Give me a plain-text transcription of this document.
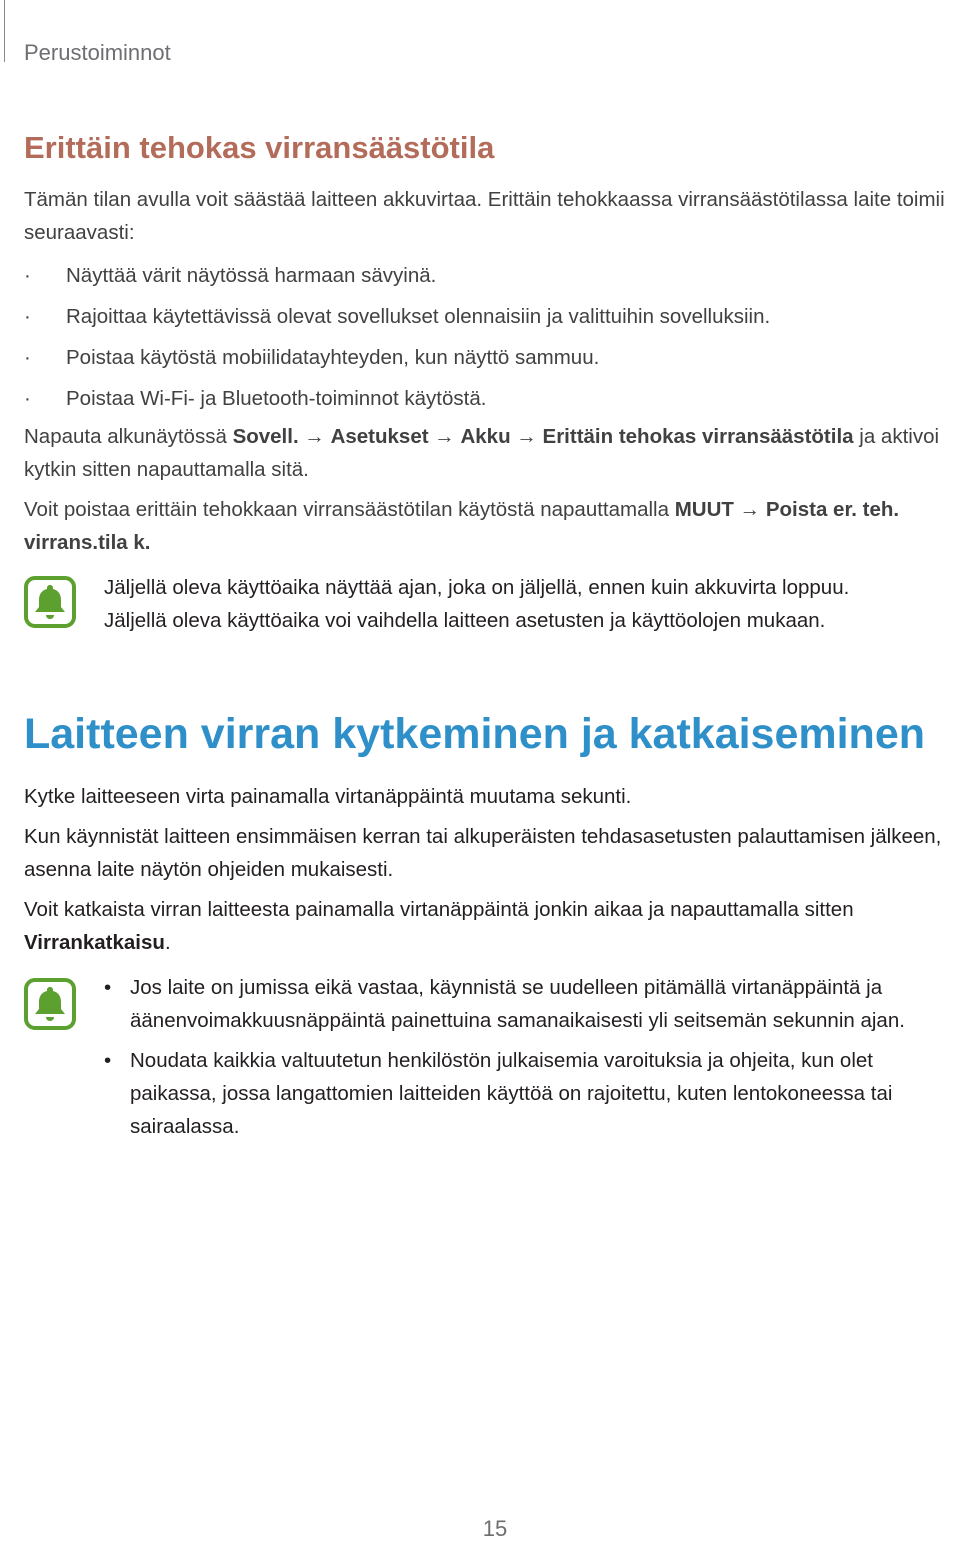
Perustoiminnot
Erittäin tehokas virransäästötila

Tämän tilan avulla voit säästää laitteen akkuvirtaa. Erittäin tehokkaassa virransäästötilassa laite toimii seuraavasti:

·	Näyttää värit näytössä harmaan sävyinä.
·	Rajoittaa käytettävissä olevat sovellukset olennaisiin ja valittuihin sovelluksiin.
·	Poistaa käytöstä mobiilidatayhteyden, kun näyttö sammuu.
·	Poistaa Wi-Fi- ja Bluetooth-toiminnot käytöstä.

Napauta alkunäytössä Sovell. → Asetukset → Akku → Erittäin tehokas virransäästötila ja aktivoi kytkin sitten napauttamalla sitä.

Voit poistaa erittäin tehokkaan virransäästötilan käytöstä napauttamalla MUUT → Poista er. teh. virrans.tila k.

Jäljellä oleva käyttöaika näyttää ajan, joka on jäljellä, ennen kuin akkuvirta loppuu.
Jäljellä oleva käyttöaika voi vaihdella laitteen asetusten ja käyttöolojen mukaan.
Laitteen virran kytkeminen ja katkaiseminen

Kytke laitteeseen virta painamalla virtanäppäintä muutama sekunti.

Kun käynnistät laitteen ensimmäisen kerran tai alkuperäisten tehdasasetusten palauttamisen jälkeen, asenna laite näytön ohjeiden mukaisesti.

Voit katkaista virran laitteesta painamalla virtanäppäintä jonkin aikaa ja napauttamalla sitten Virrankatkaisu.

• Jos laite on jumissa eikä vastaa, käynnistä se uudelleen pitämällä virtanäppäintä ja äänenvoimakkuusnäppäintä painettuina samanaikaisesti yli seitsemän sekunnin ajan.
• Noudata kaikkia valtuutetun henkilöstön julkaisemia varoituksia ja ohjeita, kun olet paikassa, jossa langattomien laitteiden käyttöä on rajoitettu, kuten lentokoneessa tai sairaalassa.
15
